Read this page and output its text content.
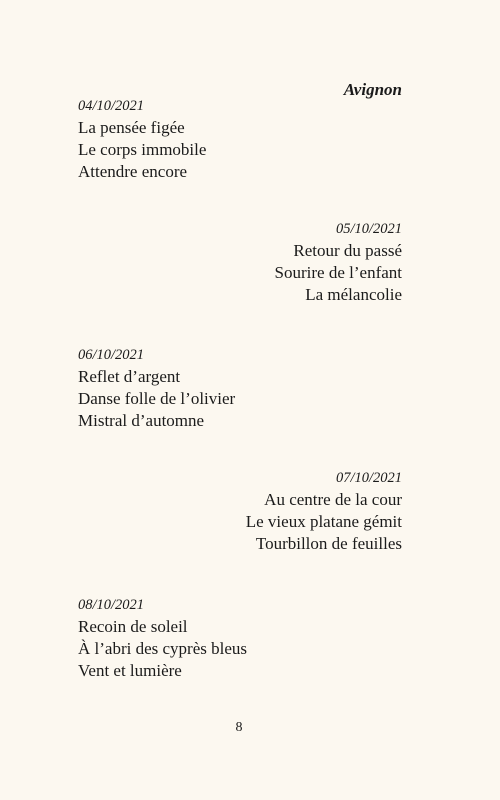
Avignon
04/10/2021
La pensée figée
Le corps immobile
Attendre encore
05/10/2021
Retour du passé
Sourire de l’enfant
La mélancolie
06/10/2021
Reflet d’argent
Danse folle de l’olivier
Mistral d’automne
07/10/2021
Au centre de la cour
Le vieux platane gémit
Tourbillon de feuilles
08/10/2021
Recoin de soleil
À l’abri des cyprès bleus
Vent et lumière
8
